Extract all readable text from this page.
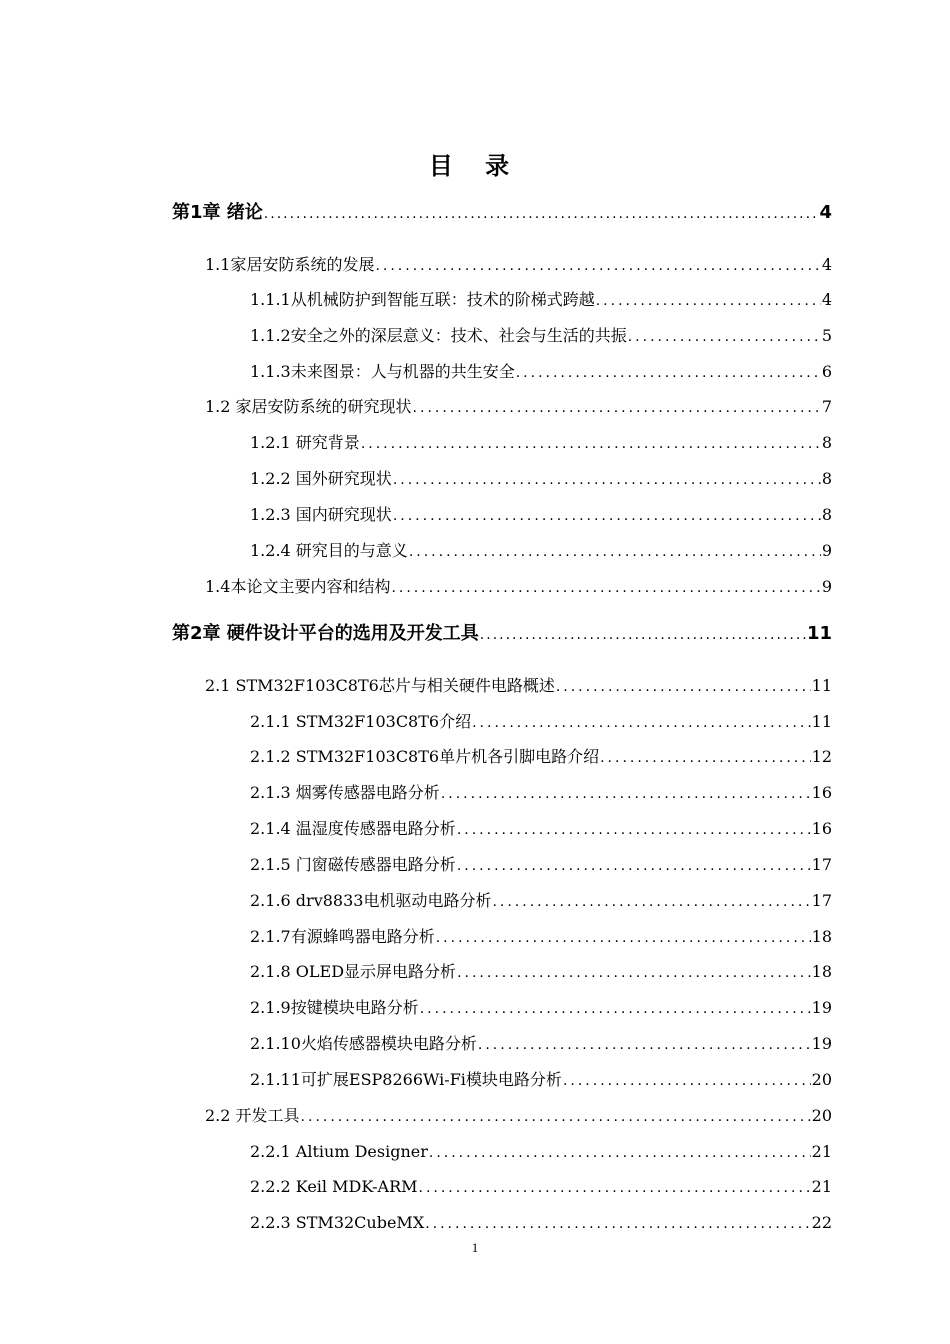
目 录
第1章 绪论 .....	4
1.1家居安防系统的发展 .....	4
1.1.1从机械防护到智能互联：技术的阶梯式跨越 .....	4
1.1.2安全之外的深层意义：技术、社会与生活的共振 .....	5
1.1.3未来图景：人与机器的共生安全 .....	6
1.2 家居安防系统的研究现状 .....	7
1.2.1 研究背景 .....	8
1.2.2 国外研究现状 .....	8
1.2.3 国内研究现状 .....	8
1.2.4 研究目的与意义 .....	9
1.4本论文主要内容和结构 .....	9
第2章 硬件设计平台的选用及开发工具 .....	11
2.1 STM32F103C8T6芯片与相关硬件电路概述 .....	11
2.1.1 STM32F103C8T6介绍 .....	11
2.1.2 STM32F103C8T6单片机各引脚电路介绍 .....	12
2.1.3 烟雾传感器电路分析 .....	16
2.1.4 温湿度传感器电路分析 .....	16
2.1.5 门窗磁传感器电路分析 .....	17
2.1.6 drv8833电机驱动电路分析 .....	17
2.1.7有源蜂鸣器电路分析 .....	18
2.1.8 OLED显示屏电路分析 .....	18
2.1.9按键模块电路分析 .....	19
2.1.10火焰传感器模块电路分析 .....	19
2.1.11可扩展ESP8266Wi-Fi模块电路分析 .....	20
2.2 开发工具 .....	20
2.2.1 Altium Designer .....	21
2.2.2 Keil MDK-ARM .....	21
2.2.3 STM32CubeMX .....	22
1
